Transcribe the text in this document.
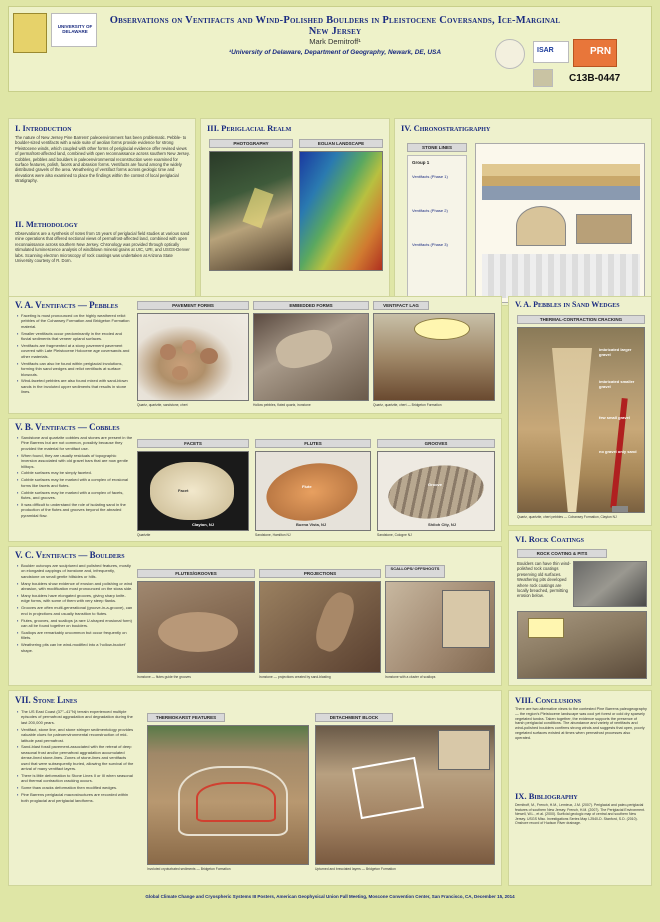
UNIVERSITY OF DELAWARE
Observations on Ventifacts and Wind-Polished Boulders in Pleistocene Coversands, Ice-Marginal New Jersey
Mark Demitroff¹
¹University of Delaware, Department of Geography, Newark, DE, USA	ISAR	PRN
C13B-0447
I. Introduction
The nature of New Jersey Pine Barrens' paleoenvironment has been problematic. Pebble- to boulder-sized ventifacts with a wide suite of aeolian forms provide evidence for strong Pleistocene winds, which coupled with other forms of periglacial evidence offer revised views of permafrost-affected land, combined with open reconnaissance across southern New Jersey. Cobbles, pebbles and boulders in paleoenvironmental reconstruction were examined for surface features, polish, facets and abrasion forms. Ventifacts are found among the widely distributed gravels of the area. Weathering of ventifact forms across geologic time and elevations were also examined to place the findings within the context of local periglacial stratigraphy.
II. Methodology
Observations are a synthesis of notes from 15 years of periglacial field studies at various sand mine operations that offered sectional views of permafrost-affected land, combined with open reconnaissance across southern New Jersey. Chronology was provided through optically stimulated luminescence analysis of windblown mineral grains at UIC, URI, and USGS-Denver labs. Scanning electron microscopy of rock coatings was undertaken at Arizona State University courtesy of R. Dorn.
III. Periglacial Realm
PHOTOGRAPHY	EOLIAN LANDSCAPE
IV. Chronostratigraphy
STONE LINES
Group 1
Ventifacts (Phase 1)
Ventifacts (Phase 2)
Ventifacts (Phase 3)
V. A. Ventifacts — Pebbles
▪ Faceting is most pronounced on the highly weathered relict pebbles of the Cohansey Formation and Bridgeton Formation material.
▪ Smaller ventifacts occur predominantly in the eroded and fluvial sediments that veneer upland surfaces.
▪ Ventifacts are fragmented at a stony pavement pavement covered with Late Pleistocene Holocene age coversands and other materials.
▪ Ventifacts can also be found within periglacial involutions, forming thin sand wedges and relict ventifacts at surface blowouts.
▪ Wind-faceted pebbles are also found mixed with sand-blown sands in the involuted upper sediments that results in stone lines.
PAVEMENT FORMS	EMBEDDED FORMS	VENTIFACT LAG
Quartz, quartzite, sandstone, chert	Hollow pebbles, fluted quartz, ironstone	Quartz, quartzite, chert — Bridgeton Formation
V. A. Pebbles in Sand Wedges
THERMAL-CONTRACTION CRACKING
imbricated larger gravel
imbricated smaller gravel
few small gravel
no gravel only sand
Quartz, quartzite, chert pebbles — Cohansey Formation, Clayton NJ
V. B. Ventifacts — Cobbles
▪ Sandstone and quartzite cobbles and stones are present in the Pine Barrens but are not common, possibly because they provided the material for ventifact use.
▪ When found, they are usually residuals of topographic inversion associated with old gravel bars that are now gentle hilltops.
▪ Cobble surfaces may be simply faceted.
▪ Cobble surfaces may be marked with a complex of erosional forms like facets and flutes.
▪ Cobble surfaces may be marked with a complex of facets, flutes, and grooves.
▪ It was difficult to understand the role of isolating sand in the production of the flutes and grooves beyond the abraded pyramidal flow.
FACETS	FLUTES	GROOVES
Facet
Clayton, NJ
Flute
Buena Vista, NJ
Groove
Shiloh City, NJ
Quartzite	Sandstone, Hamilton NJ	Sandstone, Cologne NJ
V. C. Ventifacts — Boulders
▪ Boulder outcrops are sculptured and polished features, mostly on elongated cappings of ironstone and, infrequently, sandstone on small gentle hillsides or hills.
▪ Many boulders show evidence of erosion and polishing or wind abrasion, with modification most pronounced on the stoss side.
▪ Many boulders have elongated grooves, giving sharp knife-edge forms, with some of them with very steep flanks.
▪ Grooves are often multi-generational (groove-in-a-groove), can end in projections and usually transition to flutes.
▪ Flutes, grooves, and scallops (a rare U-shaped erosional form) can all be found together on boulders.
▪ Scallops are remarkably uncommon but occur frequently on fillets.
▪ Weathering pits can be wind-modified into a 'hollow-bucket' shape.
FLUTES/GROOVES	PROJECTIONS
SCALLOPS/ OFFSHOOTS
Ironstone — flutes guide the grooves	Ironstone — projections created by sand-blasting	Ironstone with a cluster of scallops
VI. Rock Coatings
ROCK COATING & PITS
Boulders can have thin wind-polished rock coatings preserving old surfaces. Weathering pits developed where rock coatings are locally breached, permitting erosion below.
VII. Stone Lines
▪ The US East Coast (37°–41°N) terrain experienced multiple episodes of permafrost aggradation and degradation during the last 200,000 years.
▪ Ventifact, stone line, and stone stringer sedimentology provides valuable clues for paleoenvironmental reconstruction of mid-latitude past permafrost.
▪ Sand-blast fossil pavement-associated with the retreat of deep seasonal frost and/or permafrost aggradation accumulated dense-lined stone-lines. Zones of stone-lines and ventifacts used that were subsequently buried, allowing the survival of the arrival of many ventifact layers.
▪ There is little deformation to Stone Lines II or III when seasonal and thermal contraction cracking occurs.
▪ Some thaw cracks deformation then modified wedges.
▪ Pine Barrens periglacial macrostructures are recorded within both proglacial and periglacial landforms.
THERMOKARST FEATURES	DETACHMENT BLOCK
Involuted cryoturbated sediments — Bridgeton Formation	Upturned and brecciated layers — Bridgeton Formation
VIII. Conclusions
There are two alternative views to the contested Pine Barrens paleogeography — the region's Pleistocene landscape was cool yet forest or cold dry sparsely vegetated tundra. Taken together, the evidence supports the presence of harsh periglacial conditions. The abundance and variety of ventifacts and wind-polished boulders confirms strong winds and suggests that open, poorly vegetated surfaces existed at times when permafrost processes also operated.
IX. Bibliography
Demitroff, M., French, H.M., Lemieux, J.M. (2007). Periglacial and paleo-periglacial features of southern New Jersey. French, H.M. (2007). The Periglacial Environment. Newell, W.L., et al. (2000). Surficial geologic map of central and southern New Jersey. USGS Misc. Investigations Series Map I-2540-D. Stanford, S.D. (2010). Onshore record of Hudson River drainage.
Global Climate Change and Cryospheric Systems III Posters, American Geophysical Union Fall Meeting, Moscone Convention Center, San Francisco, CA, December 15, 2014
